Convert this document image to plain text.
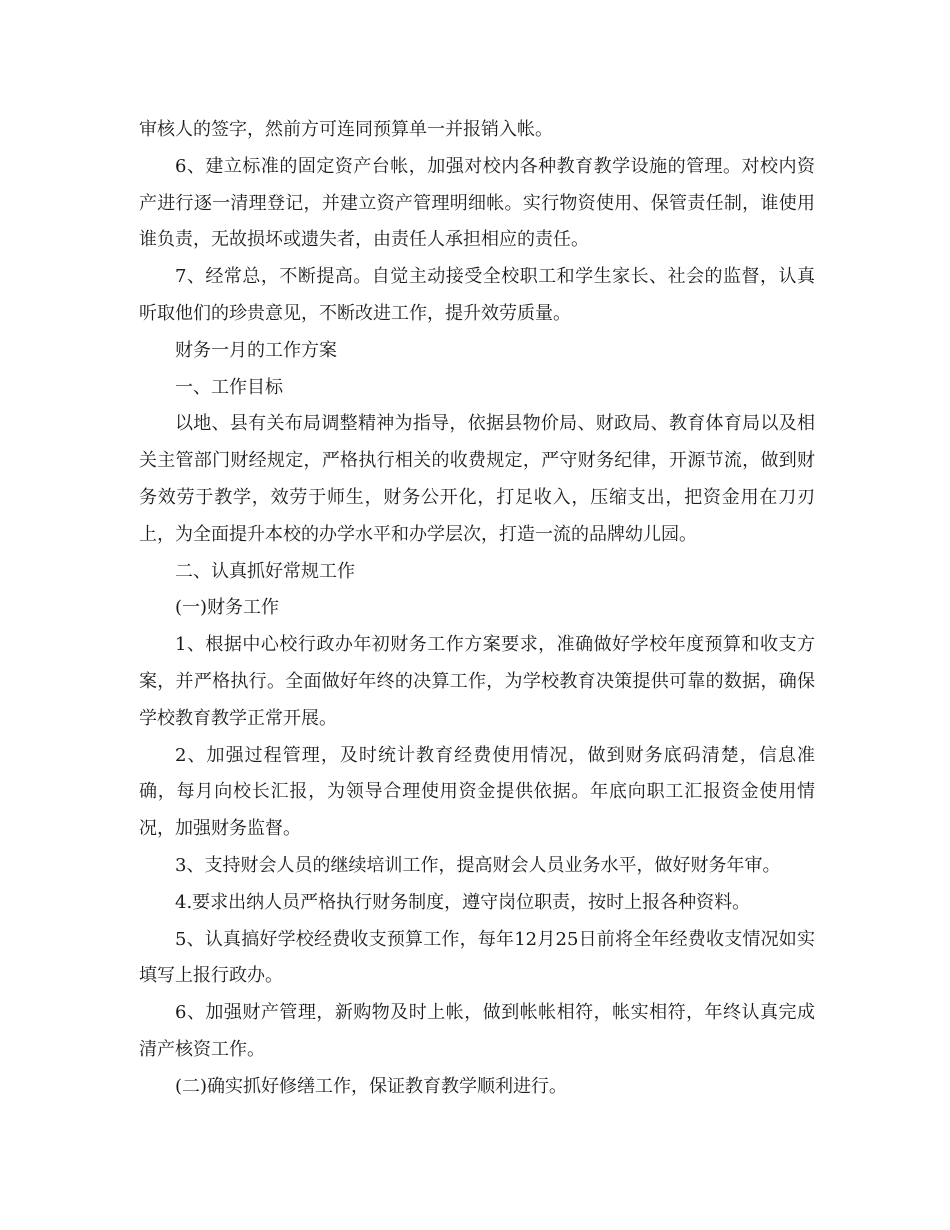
审核人的签字，然前方可连同预算单一并报销入帐。

6、建立标准的固定资产台帐，加强对校内各种教育教学设施的管理。对校内资产进行逐一清理登记，并建立资产管理明细帐。实行物资使用、保管责任制，谁使用谁负责，无故损坏或遗失者，由责任人承担相应的责任。

7、经常总，不断提高。自觉主动接受全校职工和学生家长、社会的监督，认真听取他们的珍贵意见，不断改进工作，提升效劳质量。

财务一月的工作方案

一、工作目标

以地、县有关布局调整精神为指导，依据县物价局、财政局、教育体育局以及相关主管部门财经规定，严格执行相关的收费规定，严守财务纪律，开源节流，做到财务效劳于教学，效劳于师生，财务公开化，打足收入，压缩支出，把资金用在刀刃上，为全面提升本校的办学水平和办学层次，打造一流的品牌幼儿园。

二、认真抓好常规工作

(一)财务工作

1、根据中心校行政办年初财务工作方案要求，准确做好学校年度预算和收支方案，并严格执行。全面做好年终的决算工作，为学校教育决策提供可靠的数据，确保学校教育教学正常开展。

2、加强过程管理，及时统计教育经费使用情况，做到财务底码清楚，信息准确，每月向校长汇报，为领导合理使用资金提供依据。年底向职工汇报资金使用情况，加强财务监督。

3、支持财会人员的继续培训工作，提高财会人员业务水平，做好财务年审。

4.要求出纳人员严格执行财务制度，遵守岗位职责，按时上报各种资料。

5、认真搞好学校经费收支预算工作，每年12月25日前将全年经费收支情况如实填写上报行政办。

6、加强财产管理，新购物及时上帐，做到帐帐相符，帐实相符，年终认真完成清产核资工作。

(二)确实抓好修缮工作，保证教育教学顺利进行。
